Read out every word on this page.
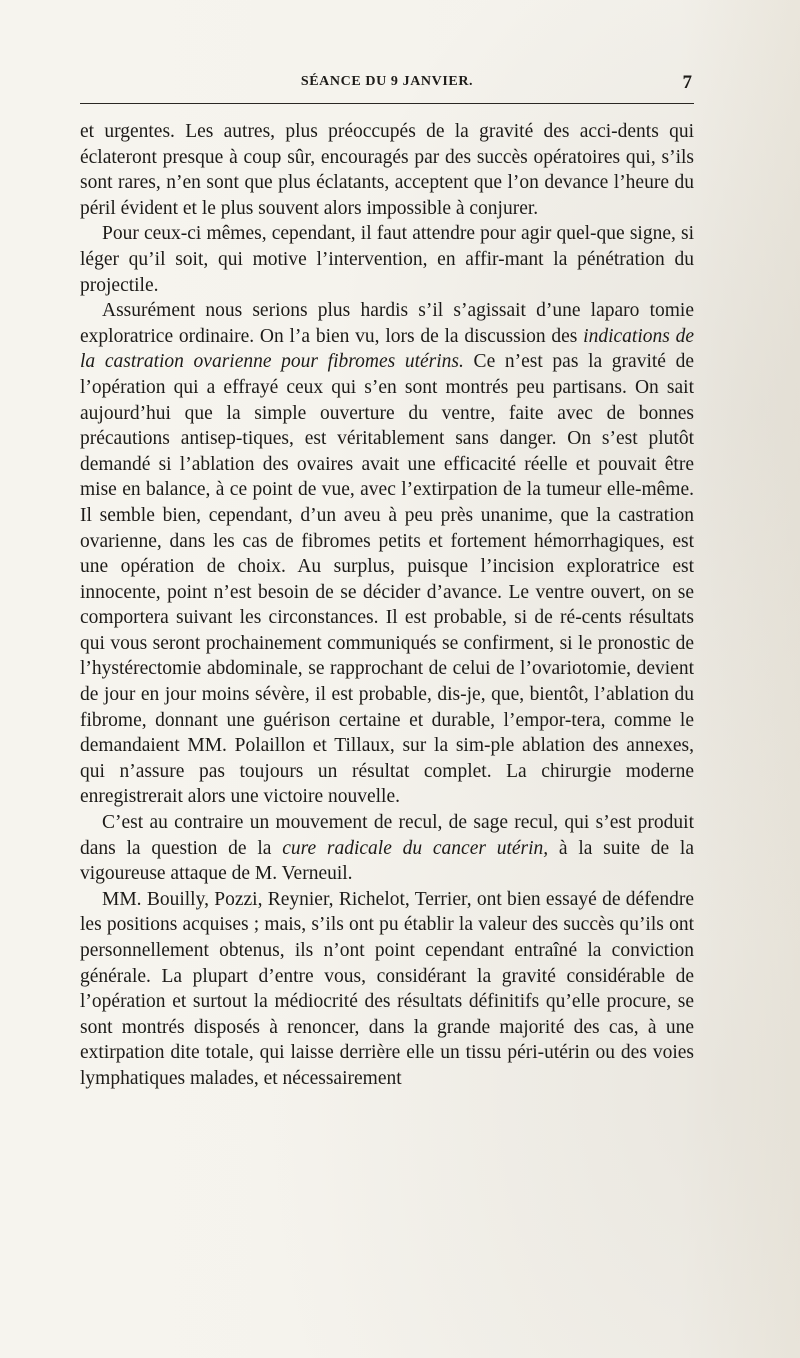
SÉANCE DU 9 JANVIER.	7

et urgentes. Les autres, plus préoccupés de la gravité des acci-dents qui éclateront presque à coup sûr, encouragés par des succès opératoires qui, s’ils sont rares, n’en sont que plus éclatants, acceptent que l’on devance l’heure du péril évident et le plus souvent alors impossible à conjurer.

Pour ceux-ci mêmes, cependant, il faut attendre pour agir quel-que signe, si léger qu’il soit, qui motive l’intervention, en affir-mant la pénétration du projectile.

Assurément nous serions plus hardis s’il s’agissait d’une laparo tomie exploratrice ordinaire. On l’a bien vu, lors de la discussion des indications de la castration ovarienne pour fibromes utérins. Ce n’est pas la gravité de l’opération qui a effrayé ceux qui s’en sont montrés peu partisans. On sait aujourd’hui que la simple ouverture du ventre, faite avec de bonnes précautions antisep-tiques, est véritablement sans danger. On s’est plutôt demandé si l’ablation des ovaires avait une efficacité réelle et pouvait être mise en balance, à ce point de vue, avec l’extirpation de la tumeur elle-même. Il semble bien, cependant, d’un aveu à peu près unanime, que la castration ovarienne, dans les cas de fibromes petits et fortement hémorrhagiques, est une opération de choix. Au surplus, puisque l’incision exploratrice est innocente, point n’est besoin de se décider d’avance. Le ventre ouvert, on se comportera suivant les circonstances. Il est probable, si de ré-cents résultats qui vous seront prochainement communiqués se confirment, si le pronostic de l’hystérectomie abdominale, se rapprochant de celui de l’ovariotomie, devient de jour en jour moins sévère, il est probable, dis-je, que, bientôt, l’ablation du fibrome, donnant une guérison certaine et durable, l’empor-tera, comme le demandaient MM. Polaillon et Tillaux, sur la sim-ple ablation des annexes, qui n’assure pas toujours un résultat complet. La chirurgie moderne enregistrerait alors une victoire nouvelle.

C’est au contraire un mouvement de recul, de sage recul, qui s’est produit dans la question de la cure radicale du cancer utérin, à la suite de la vigoureuse attaque de M. Verneuil.

MM. Bouilly, Pozzi, Reynier, Richelot, Terrier, ont bien essayé de défendre les positions acquises ; mais, s’ils ont pu établir la valeur des succès qu’ils ont personnellement obtenus, ils n’ont point cependant entraîné la conviction générale. La plupart d’entre vous, considérant la gravité considérable de l’opération et surtout la médiocrité des résultats définitifs qu’elle procure, se sont montrés disposés à renoncer, dans la grande majorité des cas, à une extirpation dite totale, qui laisse derrière elle un tissu péri-utérin ou des voies lymphatiques malades, et nécessairement
